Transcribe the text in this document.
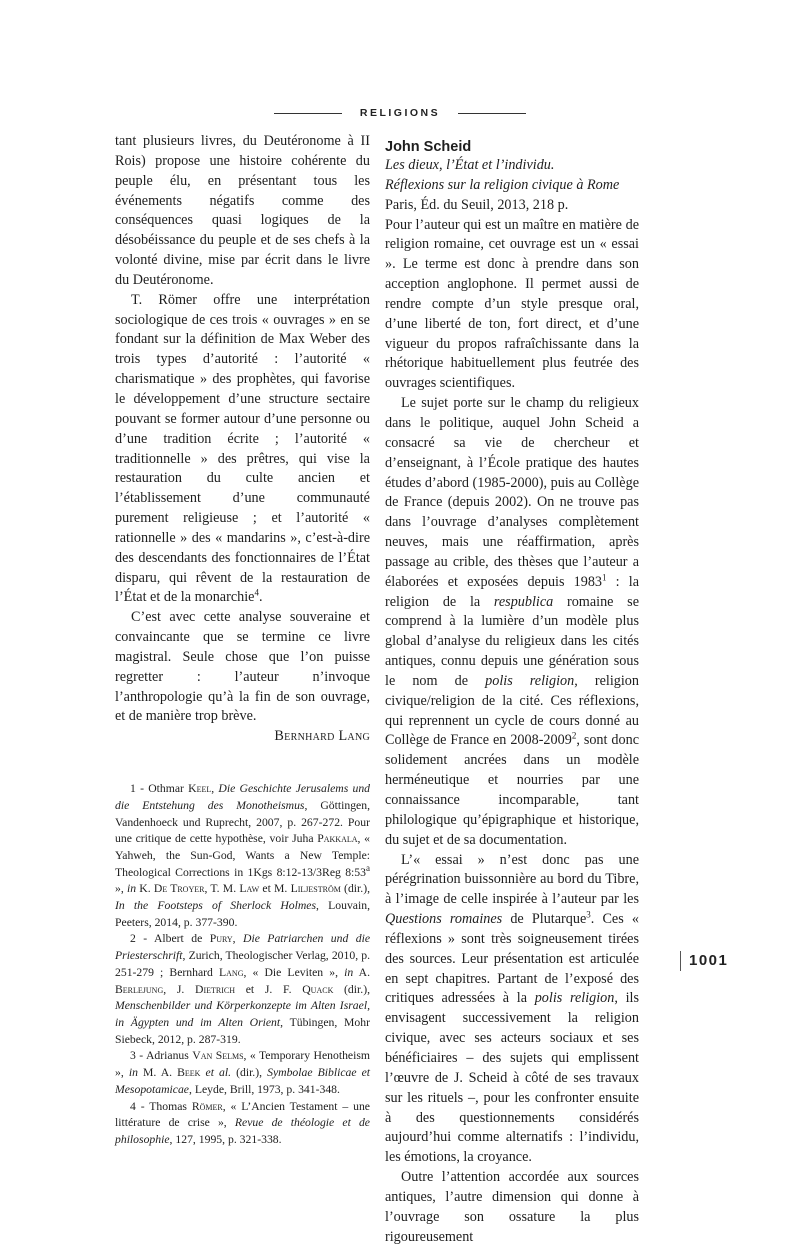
RELIGIONS

tant plusieurs livres, du Deutéronome à II Rois) propose une histoire cohérente du peuple élu, en présentant tous les événements négatifs comme des conséquences quasi logiques de la désobéissance du peuple et de ses chefs à la volonté divine, mise par écrit dans le livre du Deutéronome.

T. Römer offre une interprétation sociologique de ces trois « ouvrages » en se fondant sur la définition de Max Weber des trois types d’autorité : l’autorité « charismatique » des prophètes, qui favorise le développement d’une structure sectaire pouvant se former autour d’une personne ou d’une tradition écrite ; l’autorité « traditionnelle » des prêtres, qui vise la restauration du culte ancien et l’établissement d’une communauté purement religieuse ; et l’autorité « rationnelle » des « mandarins », c’est-à-dire des descendants des fonctionnaires de l’État disparu, qui rêvent de la restauration de l’État et de la monarchie$^4$.

C’est avec cette analyse souveraine et convaincante que se termine ce livre magistral. Seule chose que l’on puisse regretter : l’auteur n’invoque l’anthropologie qu’à la fin de son ouvrage, et de manière trop brève.

Bernhard Lang

1 - Othmar Keel, Die Geschichte Jerusalems und die Entstehung des Monotheismus, Göttingen, Vandenhoeck und Ruprecht, 2007, p. 267-272. Pour une critique de cette hypothèse, voir Juha Pakkala, « Yahweh, the Sun-God, Wants a New Temple: Theological Corrections in 1Kgs 8:12-13/3Reg 8:53$^a$ », in K. De Troyer, T. M. Law et M. Liljeström (dir.), In the Footsteps of Sherlock Holmes, Louvain, Peeters, 2014, p. 377-390.

2 - Albert de Pury, Die Patriarchen und die Priesterschrift, Zurich, Theologischer Verlag, 2010, p. 251-279 ; Bernhard Lang, « Die Leviten », in A. Berlejung, J. Dietrich et J. F. Quack (dir.), Menschenbilder und Körperkonzepte im Alten Israel, in Ägypten und im Alten Orient, Tübingen, Mohr Siebeck, 2012, p. 287-319.

3 - Adrianus Van Selms, « Temporary Henotheism », in M. A. Beek et al. (dir.), Symbolae Biblicae et Mesopotamicae, Leyde, Brill, 1973, p. 341-348.

4 - Thomas Römer, « L’Ancien Testament – une littérature de crise », Revue de théologie et de philosophie, 127, 1995, p. 321-338.

John Scheid

Les dieux, l’État et l’individu.
Réflexions sur la religion civique à Rome
Paris, Éd. du Seuil, 2013, 218 p.

Pour l’auteur qui est un maître en matière de religion romaine, cet ouvrage est un « essai ». Le terme est donc à prendre dans son acception anglophone. Il permet aussi de rendre compte d’un style presque oral, d’une liberté de ton, fort direct, et d’une vigueur du propos rafraîchissante dans la rhétorique habituellement plus feutrée des ouvrages scientifiques.

Le sujet porte sur le champ du religieux dans le politique, auquel John Scheid a consacré sa vie de chercheur et d’enseignant, à l’École pratique des hautes études d’abord (1985-2000), puis au Collège de France (depuis 2002). On ne trouve pas dans l’ouvrage d’analyses complètement neuves, mais une réaffirmation, après passage au crible, des thèses que l’auteur a élaborées et exposées depuis 1983$^1$ : la religion de la respublica romaine se comprend à la lumière d’un modèle plus global d’analyse du religieux dans les cités antiques, connu depuis une génération sous le nom de polis religion, religion civique/religion de la cité. Ces réflexions, qui reprennent un cycle de cours donné au Collège de France en 2008-2009$^2$, sont donc solidement ancrées dans un modèle herméneutique et nourries par une connaissance incomparable, tant philologique qu’épigraphique et historique, du sujet et de sa documentation.

L’« essai » n’est donc pas une pérégrination buissonnière au bord du Tibre, à l’image de celle inspirée à l’auteur par les Questions romaines de Plutarque$^3$. Ces « réflexions » sont très soigneusement tirées des sources. Leur présentation est articulée en sept chapitres. Partant de l’exposé des critiques adressées à la polis religion, ils envisagent successivement la religion civique, avec ses acteurs sociaux et ses bénéficiaires – des sujets qui emplissent l’œuvre de J. Scheid à côté de ses travaux sur les rituels –, pour les confronter ensuite à des questionnements considérés aujourd’hui comme alternatifs : l’individu, les émotions, la croyance.

Outre l’attention accordée aux sources antiques, l’autre dimension qui donne à l’ouvrage son ossature la plus rigoureusement

1001
